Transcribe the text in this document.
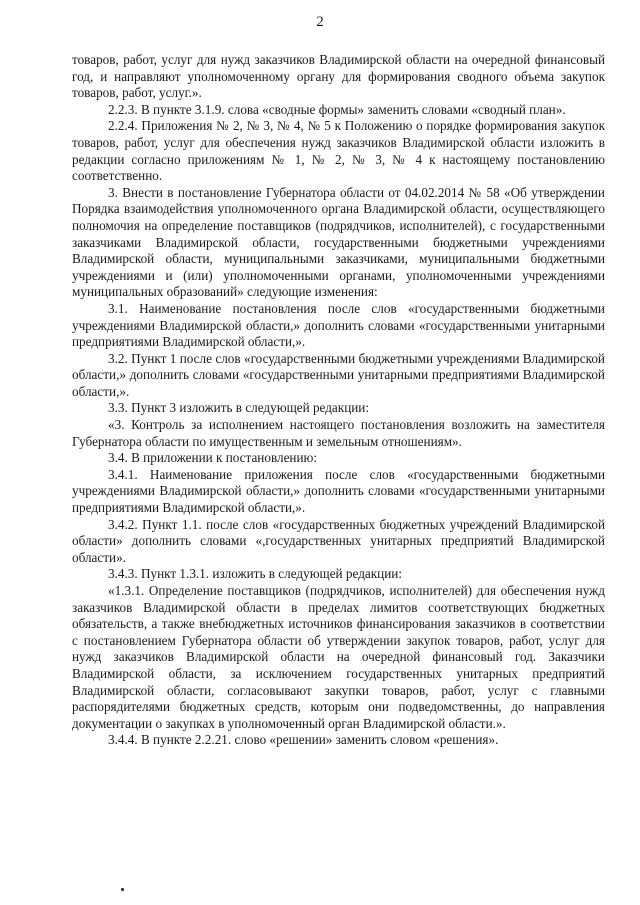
2

товаров, работ, услуг для нужд заказчиков Владимирской области на очередной финансовый год, и направляют уполномоченному органу для формирования сводного объема закупок товаров, работ, услуг.».

2.2.3. В пункте 3.1.9. слова «сводные формы» заменить словами «сводный план».

2.2.4. Приложения № 2, № 3, № 4, № 5 к Положению о порядке формирования закупок товаров, работ, услуг для обеспечения нужд заказчиков Владимирской области изложить в редакции согласно приложениям № 1, № 2, № 3, № 4 к настоящему постановлению соответственно.

3. Внести в постановление Губернатора области от 04.02.2014 № 58 «Об утверждении Порядка взаимодействия уполномоченного органа Владимирской области, осуществляющего полномочия на определение поставщиков (подрядчиков, исполнителей), с государственными заказчиками Владимирской области, государственными бюджетными учреждениями Владимирской области, муниципальными заказчиками, муниципальными бюджетными учреждениями и (или) уполномоченными органами, уполномоченными учреждениями муниципальных образований» следующие изменения:

3.1. Наименование постановления после слов «государственными бюджетными учреждениями Владимирской области,» дополнить словами «государственными унитарными предприятиями Владимирской области,».

3.2. Пункт 1 после слов «государственными бюджетными учреждениями Владимирской области,» дополнить словами «государственными унитарными предприятиями Владимирской области,».

3.3. Пункт 3 изложить в следующей редакции:

«3. Контроль за исполнением настоящего постановления возложить на заместителя Губернатора области по имущественным и земельным отношениям».

3.4. В приложении к постановлению:

3.4.1. Наименование приложения после слов «государственными бюджетными учреждениями Владимирской области,» дополнить словами «государственными унитарными предприятиями Владимирской области,».

3.4.2. Пункт 1.1. после слов «государственных бюджетных учреждений Владимирской области» дополнить словами «,государственных унитарных предприятий Владимирской области».

3.4.3. Пункт 1.3.1. изложить в следующей редакции:

«1.3.1. Определение поставщиков (подрядчиков, исполнителей) для обеспечения нужд заказчиков Владимирской области в пределах лимитов соответствующих бюджетных обязательств, а также внебюджетных источников финансирования заказчиков в соответствии с постановлением Губернатора области об утверждении закупок товаров, работ, услуг для нужд заказчиков Владимирской области на очередной финансовый год. Заказчики Владимирской области, за исключением государственных унитарных предприятий Владимирской области, согласовывают закупки товаров, работ, услуг с главными распорядителями бюджетных средств, которым они подведомственны, до направления документации о закупках в уполномоченный орган Владимирской области.».

3.4.4. В пункте 2.2.21. слово «решении» заменить словом «решения».
